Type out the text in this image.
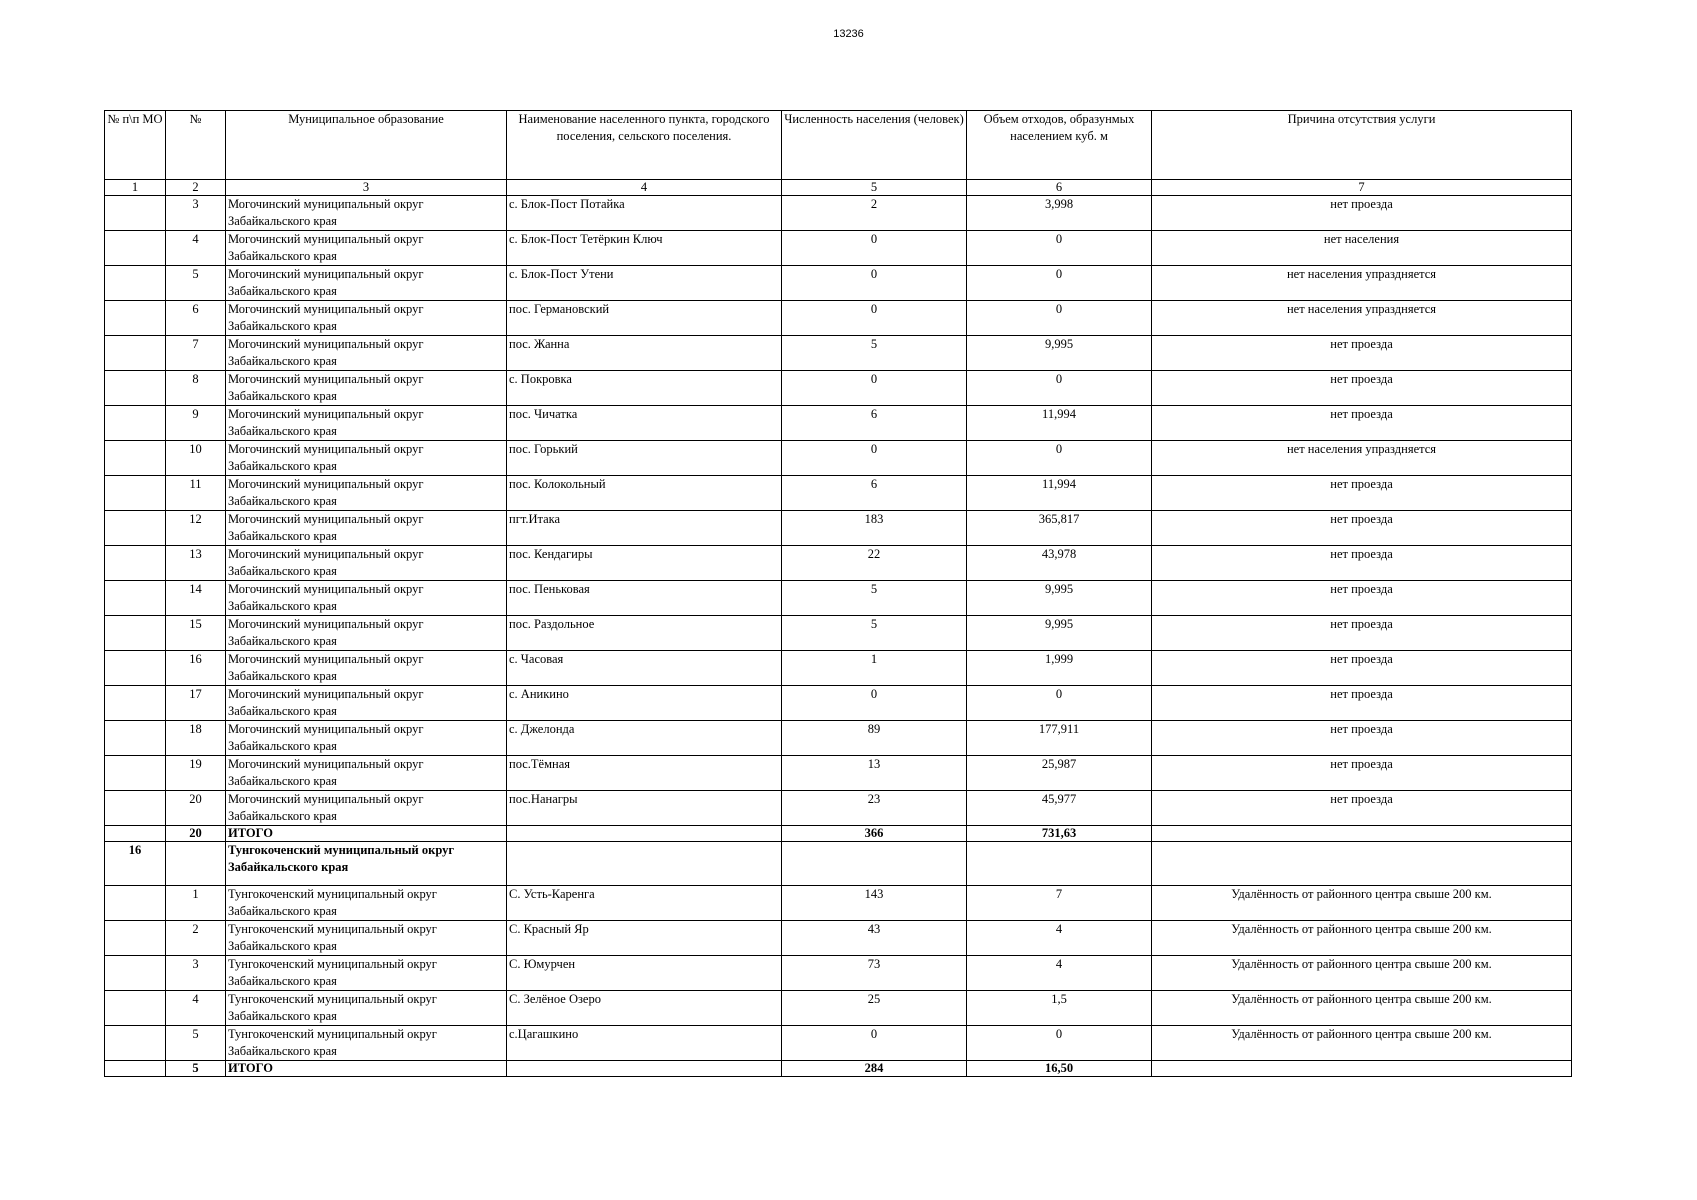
13236
№ п\п МО	№	Муниципальное образование	Наименование населенного пункта, городского поселения, сельского поселения.	Численность населения (человек)	Объем отходов, образунмых населением куб. м	Причина отсутствия услуги
1	2	3	4	5	6	7
	3	Могочинский муниципальный округ Забайкальского края	с. Блок-Пост Потайка	2	3,998	нет проезда
	4	Могочинский муниципальный округ Забайкальского края	с. Блок-Пост Тетёркин Ключ	0	0	нет населения
	5	Могочинский муниципальный округ Забайкальского края	с. Блок-Пост Утени	0	0	нет населения упраздняется
	6	Могочинский муниципальный округ Забайкальского края	пос. Германовский	0	0	нет населения упраздняется
	7	Могочинский муниципальный округ Забайкальского края	пос. Жанна	5	9,995	нет проезда
	8	Могочинский муниципальный округ Забайкальского края	с. Покровка	0	0	нет проезда
	9	Могочинский муниципальный округ Забайкальского края	пос. Чичатка	6	11,994	нет проезда
	10	Могочинский муниципальный округ Забайкальского края	пос. Горький	0	0	нет населения упраздняется
	11	Могочинский муниципальный округ Забайкальского края	пос. Колокольный	6	11,994	нет проезда
	12	Могочинский муниципальный округ Забайкальского края	пгт.Итака	183	365,817	нет проезда
	13	Могочинский муниципальный округ Забайкальского края	пос. Кендагиры	22	43,978	нет проезда
	14	Могочинский муниципальный округ Забайкальского края	пос. Пеньковая	5	9,995	нет проезда
	15	Могочинский муниципальный округ Забайкальского края	пос. Раздольное	5	9,995	нет проезда
	16	Могочинский муниципальный округ Забайкальского края	с. Часовая	1	1,999	нет проезда
	17	Могочинский муниципальный округ Забайкальского края	с. Аникино	0	0	нет проезда
	18	Могочинский муниципальный округ Забайкальского края	с. Джелонда	89	177,911	нет проезда
	19	Могочинский муниципальный округ Забайкальского края	пос.Тёмная	13	25,987	нет проезда
	20	Могочинский муниципальный округ Забайкальского края	пос.Нанагры	23	45,977	нет проезда
	20	ИТОГО		366	731,63	
16		Тунгокоченский муниципальный округ Забайкальского края				
	1	Тунгокоченский муниципальный округ Забайкальского края	С. Усть-Каренга	143	7	Удалённость от районного центра свыше 200 км.
	2	Тунгокоченский муниципальный округ Забайкальского края	С. Красный Яр	43	4	Удалённость от районного центра свыше 200 км.
	3	Тунгокоченский муниципальный округ Забайкальского края	С. Юмурчен	73	4	Удалённость от районного центра свыше 200 км.
	4	Тунгокоченский муниципальный округ Забайкальского края	С. Зелёное Озеро	25	1,5	Удалённость от районного центра свыше 200 км.
	5	Тунгокоченский муниципальный округ Забайкальского края	с.Цагашкино	0	0	Удалённость от районного центра свыше 200 км.
	5	ИТОГО		284	16,50	
